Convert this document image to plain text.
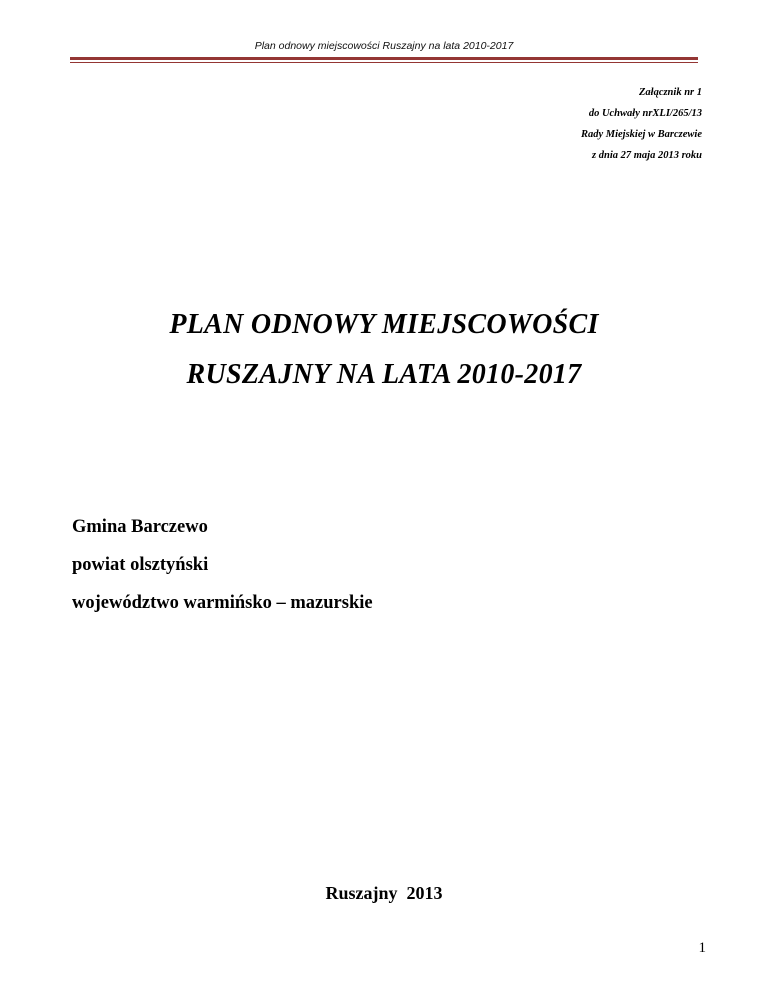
Plan odnowy miejscowości Ruszajny na lata 2010-2017
Załącznik nr 1
do Uchwały nrXLI/265/13
Rady Miejskiej w Barczewie
z dnia 27 maja 2013 roku
PLAN ODNOWY MIEJSCOWOŚCI
RUSZAJNY NA LATA 2010-2017
Gmina Barczewo
powiat olsztyński
województwo warmińsko – mazurskie
Ruszajny  2013
1
